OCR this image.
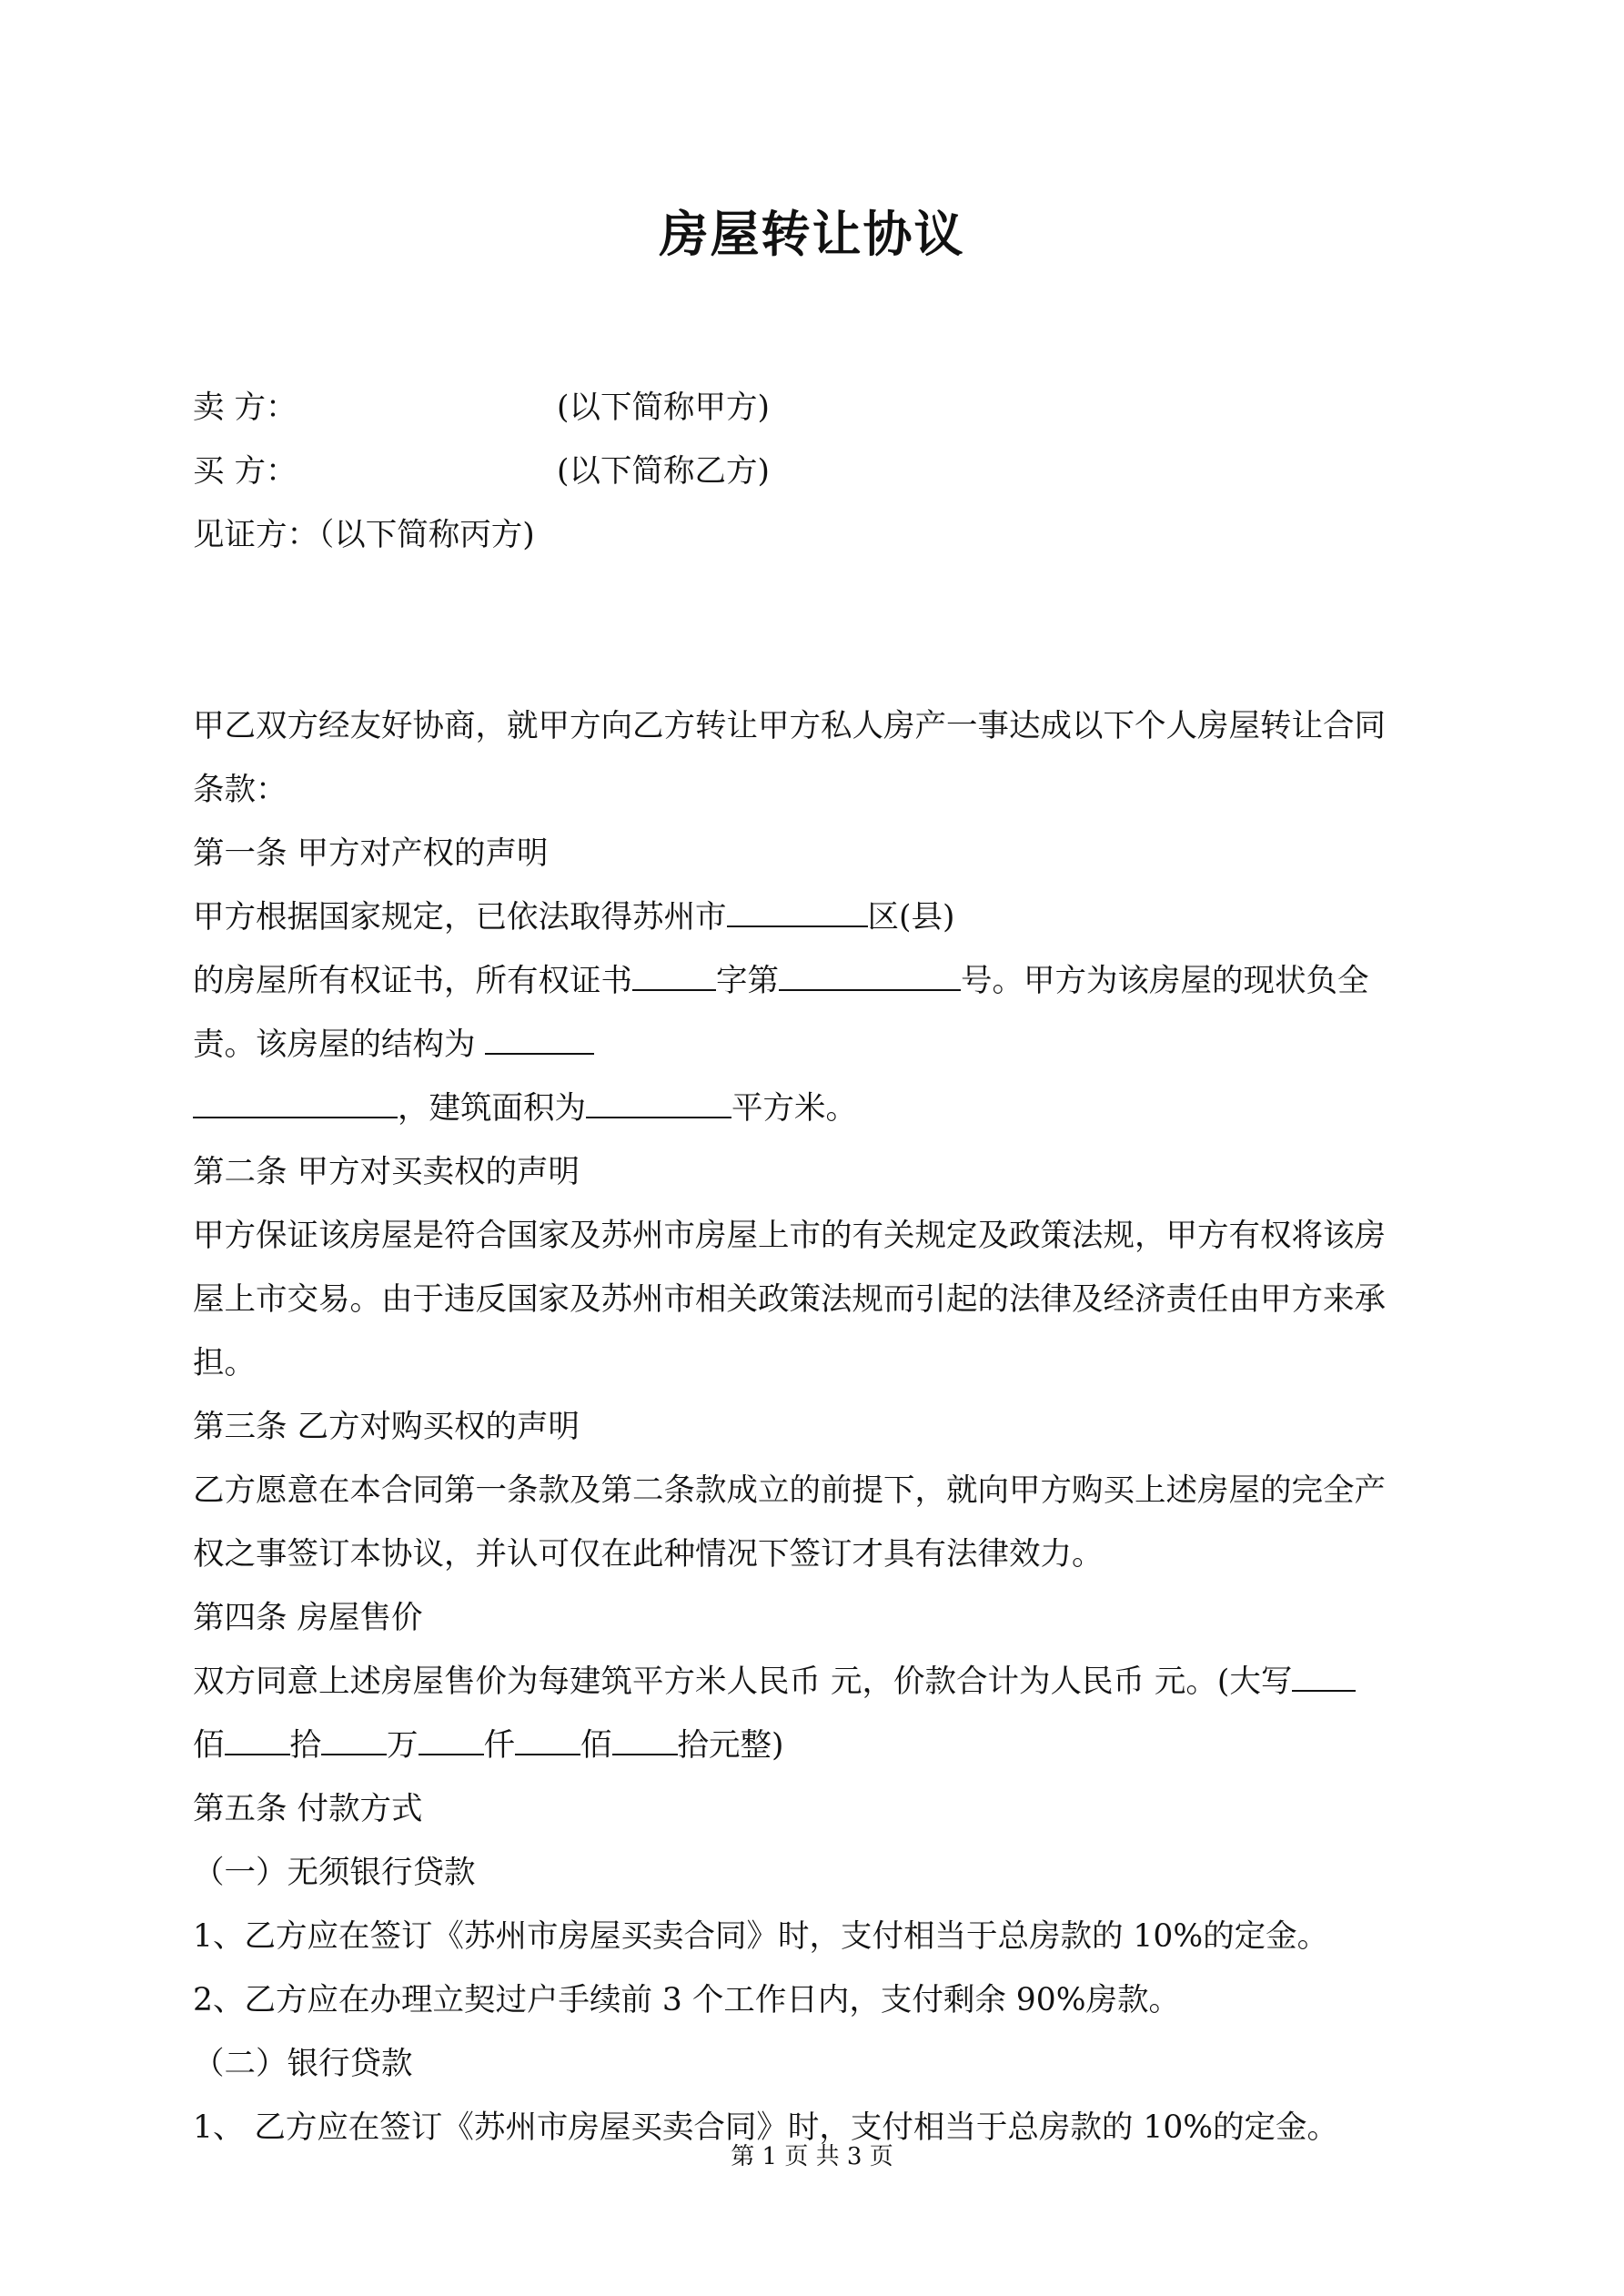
房屋转让协议
卖 方：	(以下简称甲方)
买 方：	(以下简称乙方)
见证方：（以下简称丙方)
甲乙双方经友好协商，就甲方向乙方转让甲方私人房产一事达成以下个人房屋转让合同
条款：
第一条 甲方对产权的声明
甲方根据国家规定，已依法取得苏州市	区(县)
的房屋所有权证书，所有权证书	字第	号。甲方为该房屋的现状负全
责。该房屋的结构为
，建筑面积为	平方米。
第二条 甲方对买卖权的声明
甲方保证该房屋是符合国家及苏州市房屋上市的有关规定及政策法规，甲方有权将该房
屋上市交易。由于违反国家及苏州市相关政策法规而引起的法律及经济责任由甲方来承
担。
第三条 乙方对购买权的声明
乙方愿意在本合同第一条款及第二条款成立的前提下，就向甲方购买上述房屋的完全产
权之事签订本协议，并认可仅在此种情况下签订才具有法律效力。
第四条 房屋售价
双方同意上述房屋售价为每建筑平方米人民币 元，价款合计为人民币 元。(大写
佰 拾 万 仟 佰 拾元整)
第五条 付款方式
（一）无须银行贷款
1、乙方应在签订《苏州市房屋买卖合同》时，支付相当于总房款的 10%的定金。
2、乙方应在办理立契过户手续前 3 个工作日内，支付剩余 90%房款。
（二）银行贷款
1、 乙方应在签订《苏州市房屋买卖合同》时，支付相当于总房款的 10%的定金。
第 1 页 共 3 页
